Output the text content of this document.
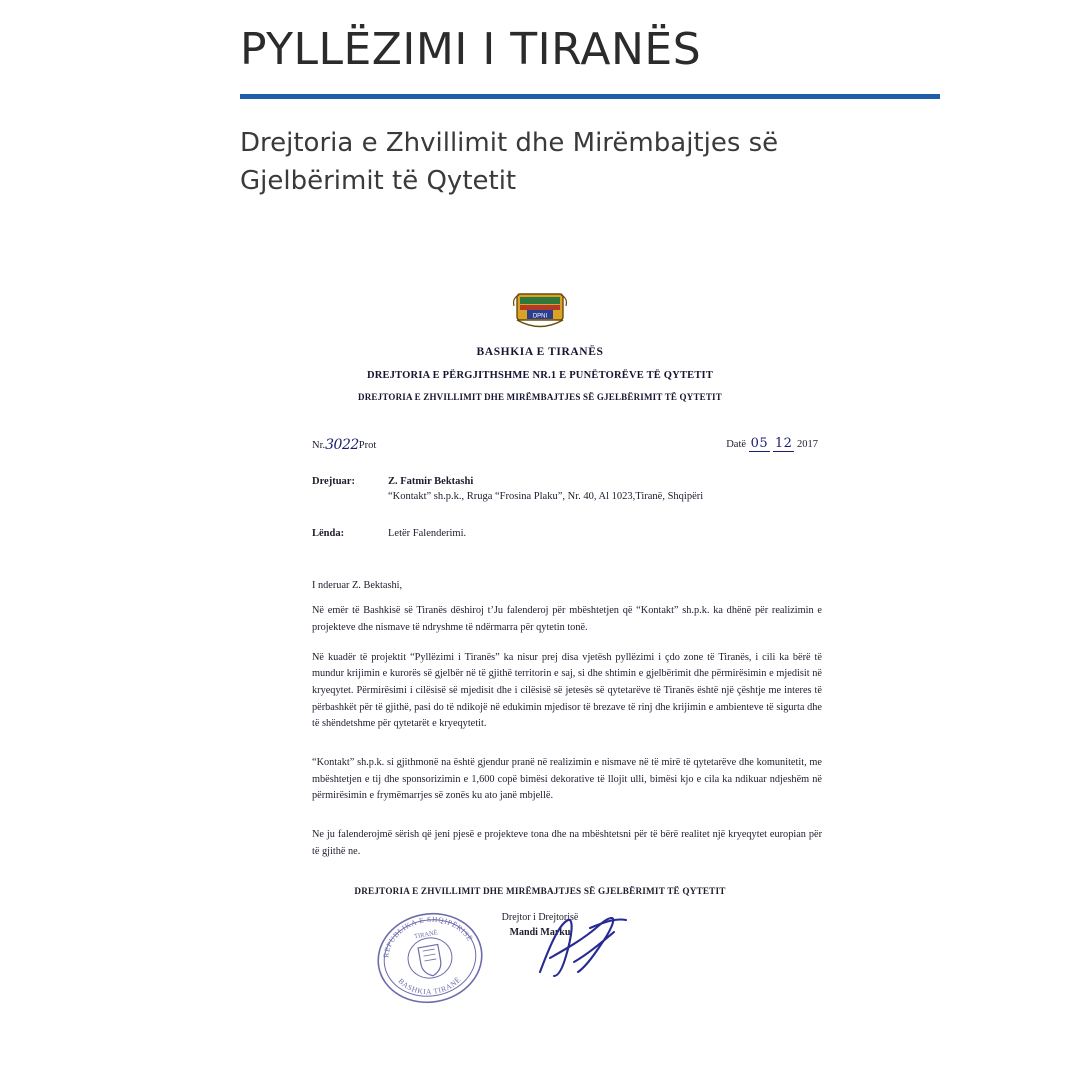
PYLLËZIMI I TIRANËS
Drejtoria e Zhvillimit dhe Mirëmbajtjes së Gjelbërimit të Qytetit
DPNI
BASHKIA E TIRANËS
DREJTORIA E PËRGJITHSHME NR.1 E PUNËTORËVE TË QYTETIT
DREJTORIA E ZHVILLIMIT DHE MIRËMBAJTJES SË GJELBËRIMIT TË QYTETIT
Nr.3022Prot	Datë 05 12 2017
Drejtuar:	Z. Fatmir Bektashi
“Kontakt” sh.p.k., Rruga “Frosina Plaku”, Nr. 40, Al 1023,Tiranë, Shqipëri
Lënda:	Letër Falenderimi.

I nderuar Z. Bektashi,

Në emër të Bashkisë së Tiranës dëshiroj t’Ju falenderoj për mbështetjen që “Kontakt” sh.p.k. ka dhënë për realizimin e projekteve dhe nismave të ndryshme të ndërmarra për qytetin tonë.

Në kuadër të projektit “Pyllëzimi i Tiranës” ka nisur prej disa vjetësh pyllëzimi i çdo zone të Tiranës, i cili ka bërë të mundur krijimin e kurorës së gjelbër në të gjithë territorin e saj, si dhe shtimin e gjelbërimit dhe përmirësimin e mjedisit në kryeqytet. Përmirësimi i cilësisë së mjedisit dhe i cilësisë së jetesës së qytetarëve të Tiranës është një çështje me interes të përbashkët për të gjithë, pasi do të ndikojë në edukimin mjedisor të brezave të rinj dhe krijimin e ambienteve të sigurta dhe të shëndetshme për qytetarët e kryeqytetit.

“Kontakt” sh.p.k. si gjithmonë na është gjendur pranë në realizimin e nismave në të mirë të qytetarëve dhe komunitetit, me mbështetjen e tij dhe sponsorizimin e 1,600 copë bimësi dekorative të llojit ulli, bimësi kjo e cila ka ndikuar ndjeshëm në përmirësimin e frymëmarrjes së zonës ku ato janë mbjellë.

Ne ju falenderojmë sërish që jeni pjesë e projekteve tona dhe na mbështetsni për të bërë realitet një kryeqytet europian për të gjithë ne.

DREJTORIA E ZHVILLIMIT DHE MIRËMBAJTJES SË GJELBËRIMIT TË QYTETIT
Drejtor i Drejtorisë
Mandi Marku
REPUBLIKA E SHQIPËRISË
BASHKIA TIRANË
TIRANË
